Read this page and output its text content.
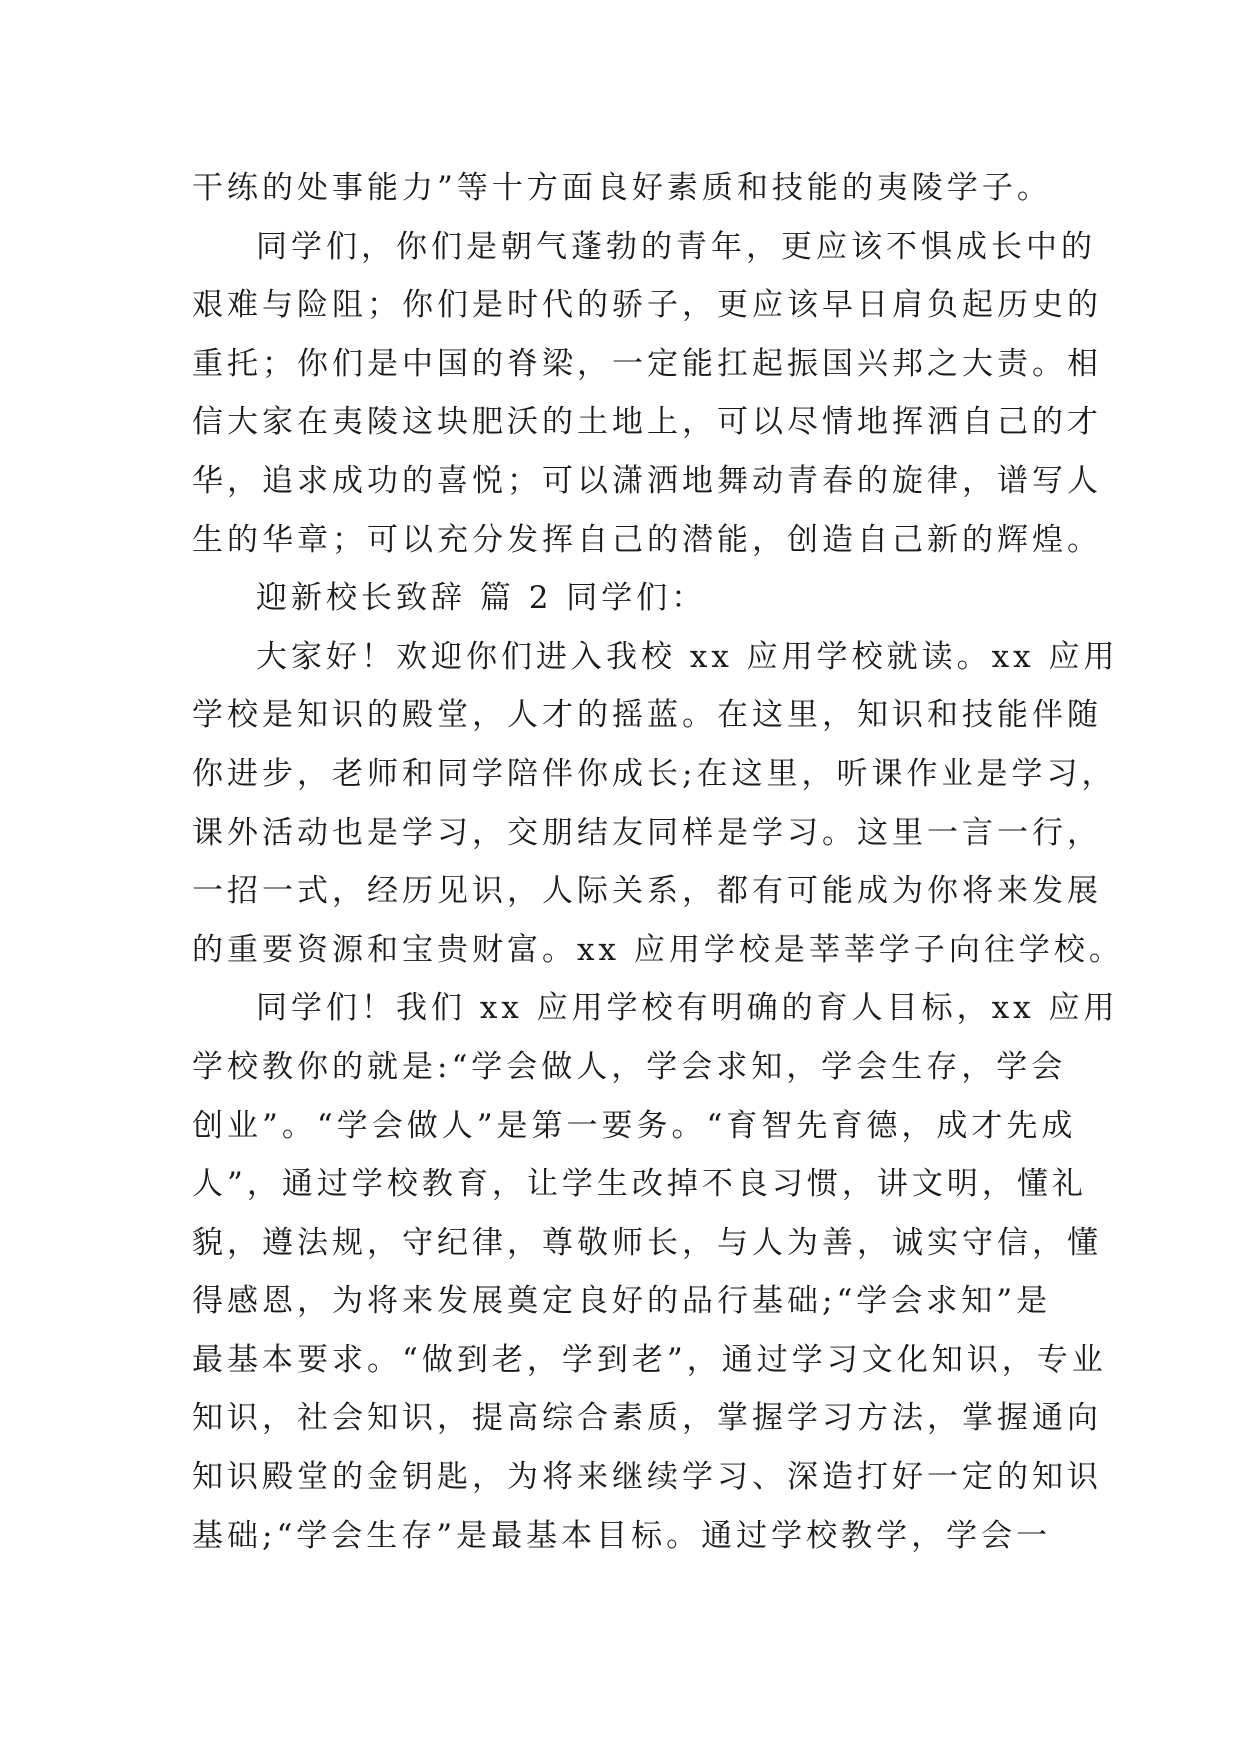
干练的处事能力”等十方面良好素质和技能的夷陵学子。
同学们，你们是朝气蓬勃的青年，更应该不惧成长中的
艰难与险阻；你们是时代的骄子，更应该早日肩负起历史的
重托；你们是中国的脊梁，一定能扛起振国兴邦之大责。相
信大家在夷陵这块肥沃的土地上，可以尽情地挥洒自己的才
华，追求成功的喜悦；可以潇洒地舞动青春的旋律，谱写人
生的华章；可以充分发挥自己的潜能，创造自己新的辉煌。
迎新校长致辞 篇 2 同学们：
大家好！欢迎你们进入我校 xx 应用学校就读。xx 应用
学校是知识的殿堂，人才的摇蓝。在这里，知识和技能伴随
你进步，老师和同学陪伴你成长;在这里，听课作业是学习，
课外活动也是学习，交朋结友同样是学习。这里一言一行，
一招一式，经历见识，人际关系，都有可能成为你将来发展
的重要资源和宝贵财富。xx 应用学校是莘莘学子向往学校。
同学们！我们 xx 应用学校有明确的育人目标，xx 应用
学校教你的就是:“学会做人，学会求知，学会生存，学会
创业”。“学会做人”是第一要务。“育智先育德，成才先成
人”，通过学校教育，让学生改掉不良习惯，讲文明，懂礼
貌，遵法规，守纪律，尊敬师长，与人为善，诚实守信，懂
得感恩，为将来发展奠定良好的品行基础;“学会求知”是
最基本要求。“做到老，学到老”，通过学习文化知识，专业
知识，社会知识，提高综合素质，掌握学习方法，掌握通向
知识殿堂的金钥匙，为将来继续学习、深造打好一定的知识
基础;“学会生存”是最基本目标。通过学校教学，学会一
